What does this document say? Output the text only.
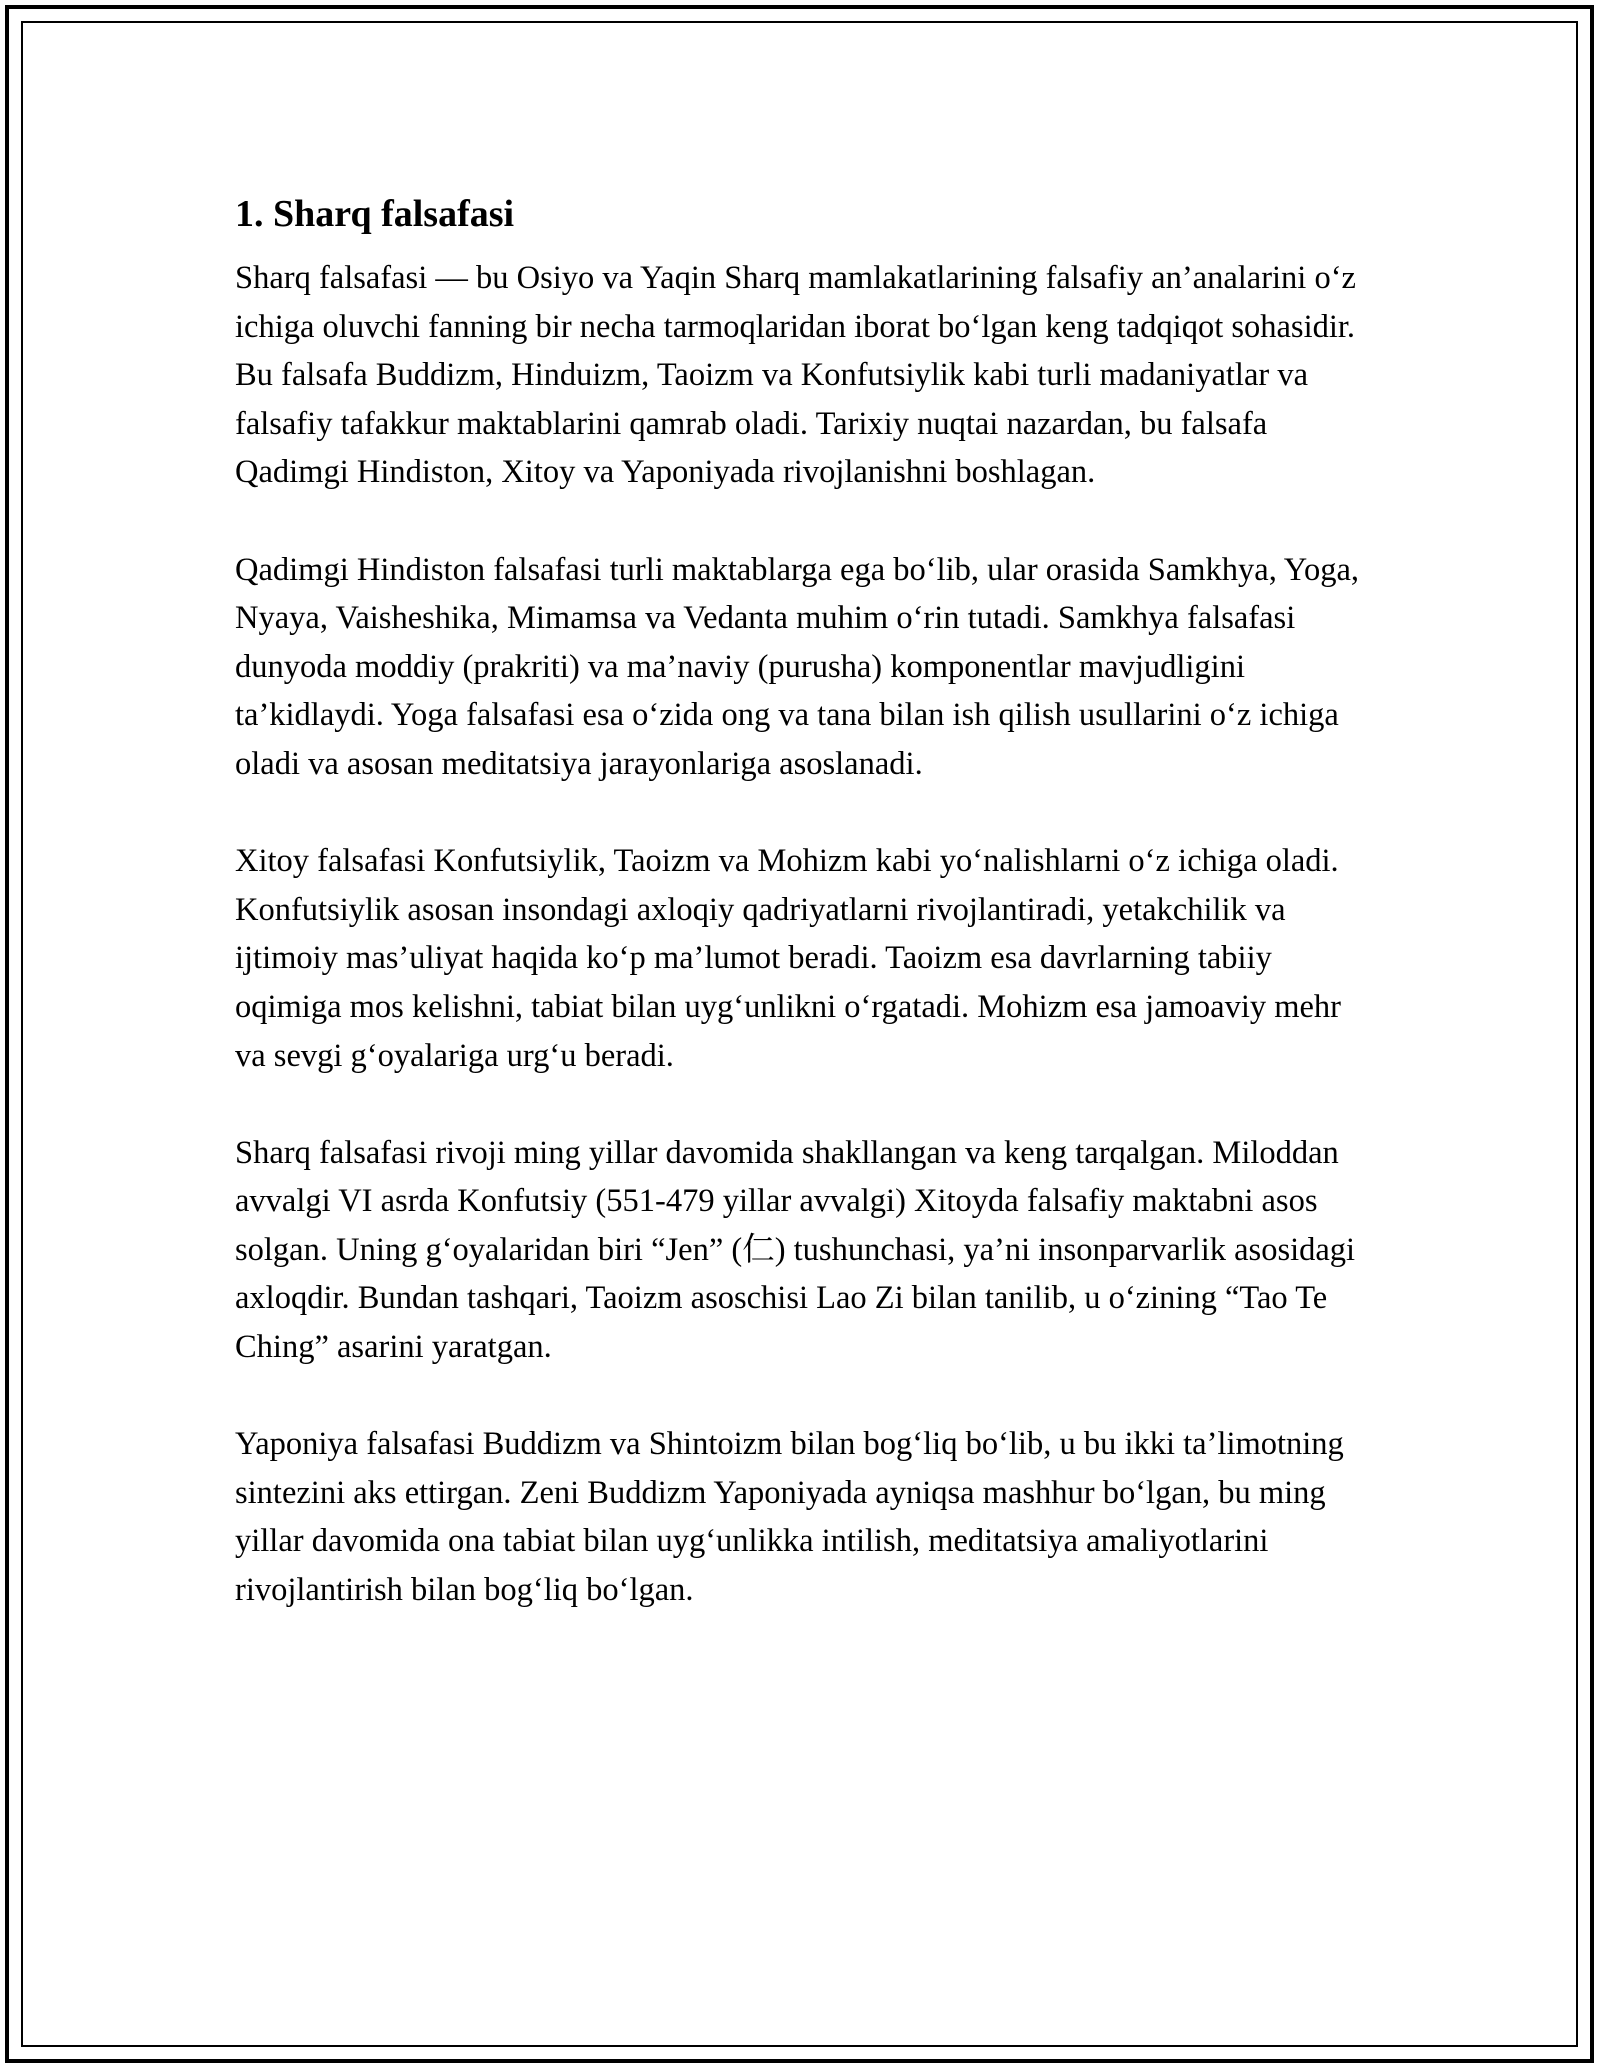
1. Sharq falsafasi

Sharq falsafasi — bu Osiyo va Yaqin Sharq mamlakatlarining falsafiy an’analarini o‘z ichiga oluvchi fanning bir necha tarmoqlaridan iborat bo‘lgan keng tadqiqot sohasidir. Bu falsafa Buddizm, Hinduizm, Taoizm va Konfutsiylik kabi turli madaniyatlar va falsafiy tafakkur maktablarini qamrab oladi. Tarixiy nuqtai nazardan, bu falsafa Qadimgi Hindiston, Xitoy va Yaponiyada rivojlanishni boshlagan.

Qadimgi Hindiston falsafasi turli maktablarga ega bo‘lib, ular orasida Samkhya, Yoga, Nyaya, Vaisheshika, Mimamsa va Vedanta muhim o‘rin tutadi. Samkhya falsafasi dunyoda moddiy (prakriti) va ma’naviy (purusha) komponentlar mavjudligini ta’kidlaydi. Yoga falsafasi esa o‘zida ong va tana bilan ish qilish usullarini o‘z ichiga oladi va asosan meditatsiya jarayonlariga asoslanadi.

Xitoy falsafasi Konfutsiylik, Taoizm va Mohizm kabi yo‘nalishlarni o‘z ichiga oladi. Konfutsiylik asosan insondagi axloqiy qadriyatlarni rivojlantiradi, yetakchilik va ijtimoiy mas’uliyat haqida ko‘p ma’lumot beradi. Taoizm esa davrlarning tabiiy oqimiga mos kelishni, tabiat bilan uyg‘unlikni o‘rgatadi. Mohizm esa jamoaviy mehr va sevgi g‘oyalariga urg‘u beradi.

Sharq falsafasi rivoji ming yillar davomida shakllangan va keng tarqalgan. Miloddan avvalgi VI asrda Konfutsiy (551-479 yillar avvalgi) Xitoyda falsafiy maktabni asos solgan. Uning g‘oyalaridan biri “Jen” (仁) tushunchasi, ya’ni insonparvarlik asosidagi axloqdir. Bundan tashqari, Taoizm asoschisi Lao Zi bilan tanilib, u o‘zining “Tao Te Ching” asarini yaratgan.

Yaponiya falsafasi Buddizm va Shintoizm bilan bog‘liq bo‘lib, u bu ikki ta’limotning sintezini aks ettirgan. Zeni Buddizm Yaponiyada ayniqsa mashhur bo‘lgan, bu ming yillar davomida ona tabiat bilan uyg‘unlikka intilish, meditatsiya amaliyotlarini rivojlantirish bilan bog‘liq bo‘lgan.
